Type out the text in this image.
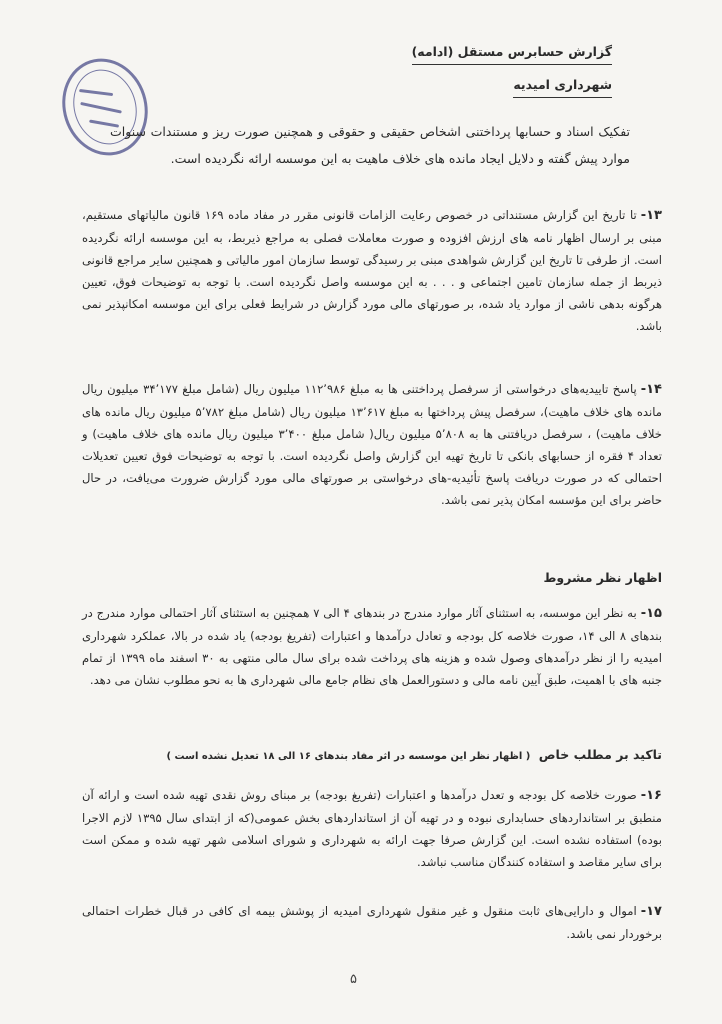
گزارش حسابرس مستقل (ادامه)
شهرداری امیدیه
تفکیک اسناد و حسابها پرداختنی اشخاص حقیقی و حقوقی و همچنین صورت ریز و مستندات سنوات موارد پیش گفته و دلایل ایجاد مانده های خلاف ماهیت به این موسسه ارائه نگردیده است.
۱۳-تا تاریخ این گزارش مستنداتی در خصوص رعایت الزامات قانونی مقرر در مفاد ماده ۱۶۹ قانون مالیاتهای مستقیم، مبنی بر ارسال اظهار نامه های ارزش افزوده و صورت معاملات فصلی به مراجع ذیربط، به این موسسه ارائه نگردیده است. از طرفی تا تاریخ این گزارش شواهدی مبنی بر رسیدگی توسط سازمان امور مالیاتی و همچنین سایر مراجع قانونی ذیربط از جمله سازمان تامین اجتماعی و . . . به این موسسه واصل نگردیده است. با توجه به توضیحات فوق، تعیین هرگونه بدهی ناشی از موارد یاد شده، بر صورتهای مالی مورد گزارش در شرایط فعلی برای این موسسه امکانپذیر نمی باشد.
۱۴-پاسخ تاییدیه‌های درخواستی از سرفصل پرداختنی ها به مبلغ ۱۱۲٬۹۸۶ میلیون ریال (شامل مبلغ ۳۴٬۱۷۷ میلیون ریال مانده های خلاف ماهیت)، سرفصل پیش پرداختها به مبلغ ۱۳٬۶۱۷ میلیون ریال (شامل مبلغ ۵٬۷۸۲ میلیون ریال مانده های خلاف ماهیت) ، سرفصل دریافتنی ها به ۵٬۸۰۸ میلیون ریال( شامل مبلغ ۳٬۴۰۰ میلیون ریال مانده های خلاف ماهیت) و تعداد ۴ فقره از حسابهای بانکی تا تاریخ تهیه این گزارش واصل نگردیده است. با توجه به توضیحات فوق تعیین تعدیلات احتمالی که در صورت دریافت پاسخ تأئیدیه-های درخواستی بر صورتهای مالی مورد گزارش ضرورت می‌یافت، در حال حاضر برای این مؤسسه امکان پذیر نمی باشد.
اظهار نظر مشروط
۱۵-به نظر این موسسه، به استثنای آثار موارد مندرج در بندهای ۴ الی ۷ همچنین به استثنای آثار احتمالی موارد مندرج در بندهای ۸ الی ۱۴، صورت خلاصه کل بودجه و تعادل درآمدها و اعتبارات (تفریغ بودجه) یاد شده در بالا، عملکرد شهرداری امیدیه را از نظر درآمدهای وصول شده و هزینه های پرداخت شده برای سال مالی منتهی به ۳۰ اسفند ماه ۱۳۹۹ از تمام جنبه های با اهمیت، طبق آیین نامه مالی و دستورالعمل های نظام جامع مالی شهرداری ها به نحو مطلوب نشان می دهد.
تاکید بر مطلب خاص ( اظهار نظر این موسسه در اثر مفاد بندهای ۱۶ الی ۱۸ تعدیل نشده است )
۱۶-صورت خلاصه کل بودجه و تعدل درآمدها و اعتبارات (تفریغ بودجه) بر مبنای روش نقدی تهیه شده است و ارائه آن منطبق بر استانداردهای حسابداری نبوده و در تهیه آن از استانداردهای بخش عمومی(که از ابتدای سال ۱۳۹۵ لازم الاجرا بوده) استفاده نشده است. این گزارش صرفا جهت ارائه به شهرداری و شورای اسلامی شهر تهیه شده و ممکن است برای سایر مقاصد و استفاده کنندگان مناسب نباشد.
۱۷-اموال و دارایی‌های ثابت منقول و غیر منقول شهرداری امیدیه از پوشش بیمه ای کافی در قبال خطرات احتمالی برخوردار نمی باشد.
۵
